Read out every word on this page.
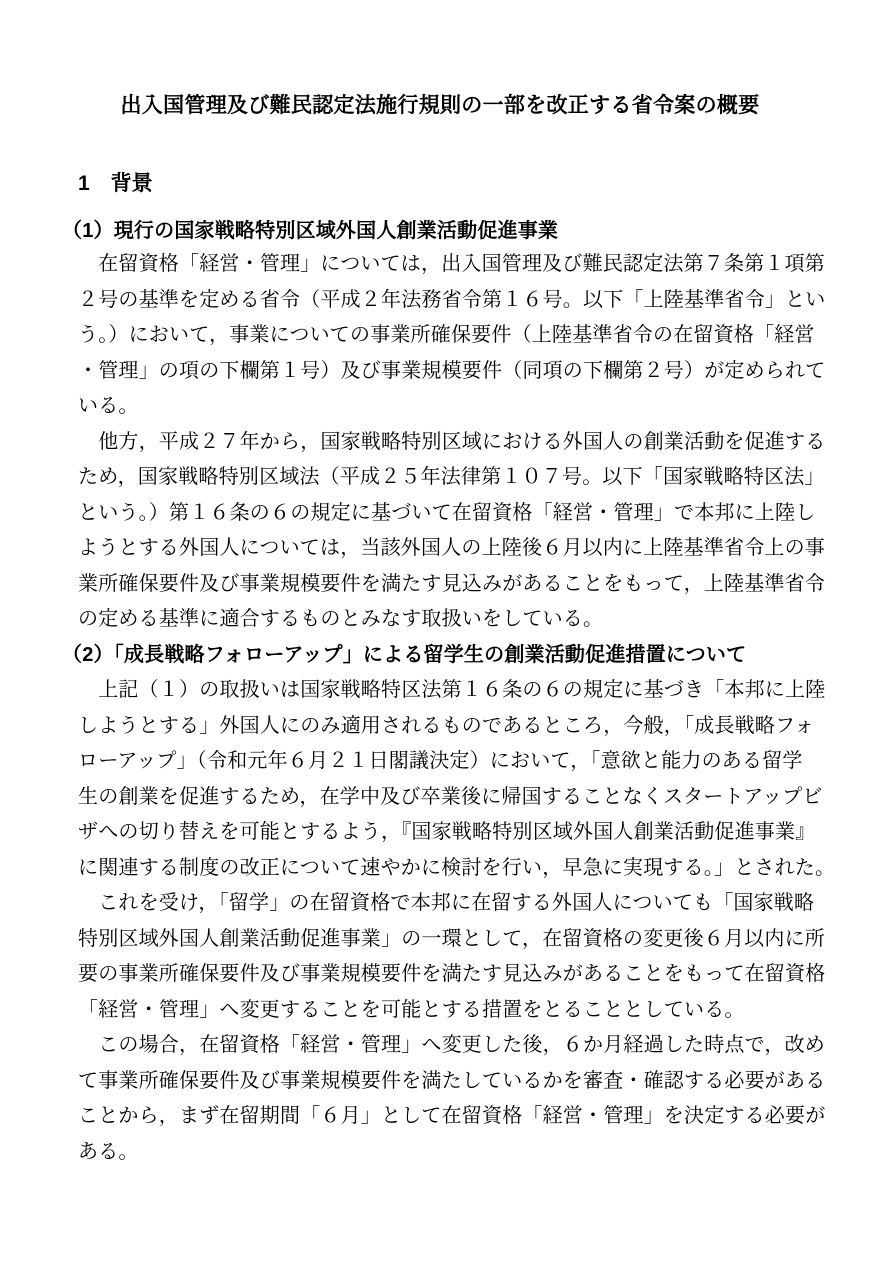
出入国管理及び難民認定法施行規則の一部を改正する省令案の概要
1　背景
（1）現行の国家戦略特別区域外国人創業活動促進事業
　在留資格「経営・管理」については，出入国管理及び難民認定法第７条第１項第
２号の基準を定める省令（平成２年法務省令第１６号。以下「上陸基準省令」とい
う。）において，事業についての事業所確保要件（上陸基準省令の在留資格「経営
・管理」の項の下欄第１号）及び事業規模要件（同項の下欄第２号）が定められて
いる。
　他方，平成２７年から，国家戦略特別区域における外国人の創業活動を促進する
ため，国家戦略特別区域法（平成２５年法律第１０７号。以下「国家戦略特区法」
という。）第１６条の６の規定に基づいて在留資格「経営・管理」で本邦に上陸し
ようとする外国人については，当該外国人の上陸後６月以内に上陸基準省令上の事
業所確保要件及び事業規模要件を満たす見込みがあることをもって，上陸基準省令
の定める基準に適合するものとみなす取扱いをしている。
（2）「成長戦略フォローアップ」による留学生の創業活動促進措置について
　上記（１）の取扱いは国家戦略特区法第１６条の６の規定に基づき「本邦に上陸
しようとする」外国人にのみ適用されるものであるところ，今般，「成長戦略フォ
ローアップ」（令和元年６月２１日閣議決定）において，「意欲と能力のある留学
生の創業を促進するため，在学中及び卒業後に帰国することなくスタートアップビ
ザへの切り替えを可能とするよう，『国家戦略特別区域外国人創業活動促進事業』
に関連する制度の改正について速やかに検討を行い，早急に実現する。」とされた。
　これを受け，「留学」の在留資格で本邦に在留する外国人についても「国家戦略
特別区域外国人創業活動促進事業」の一環として，在留資格の変更後６月以内に所
要の事業所確保要件及び事業規模要件を満たす見込みがあることをもって在留資格
「経営・管理」へ変更することを可能とする措置をとることとしている。
　この場合，在留資格「経営・管理」へ変更した後，６か月経過した時点で，改め
て事業所確保要件及び事業規模要件を満たしているかを審査・確認する必要がある
ことから，まず在留期間「６月」として在留資格「経営・管理」を決定する必要が
ある。
